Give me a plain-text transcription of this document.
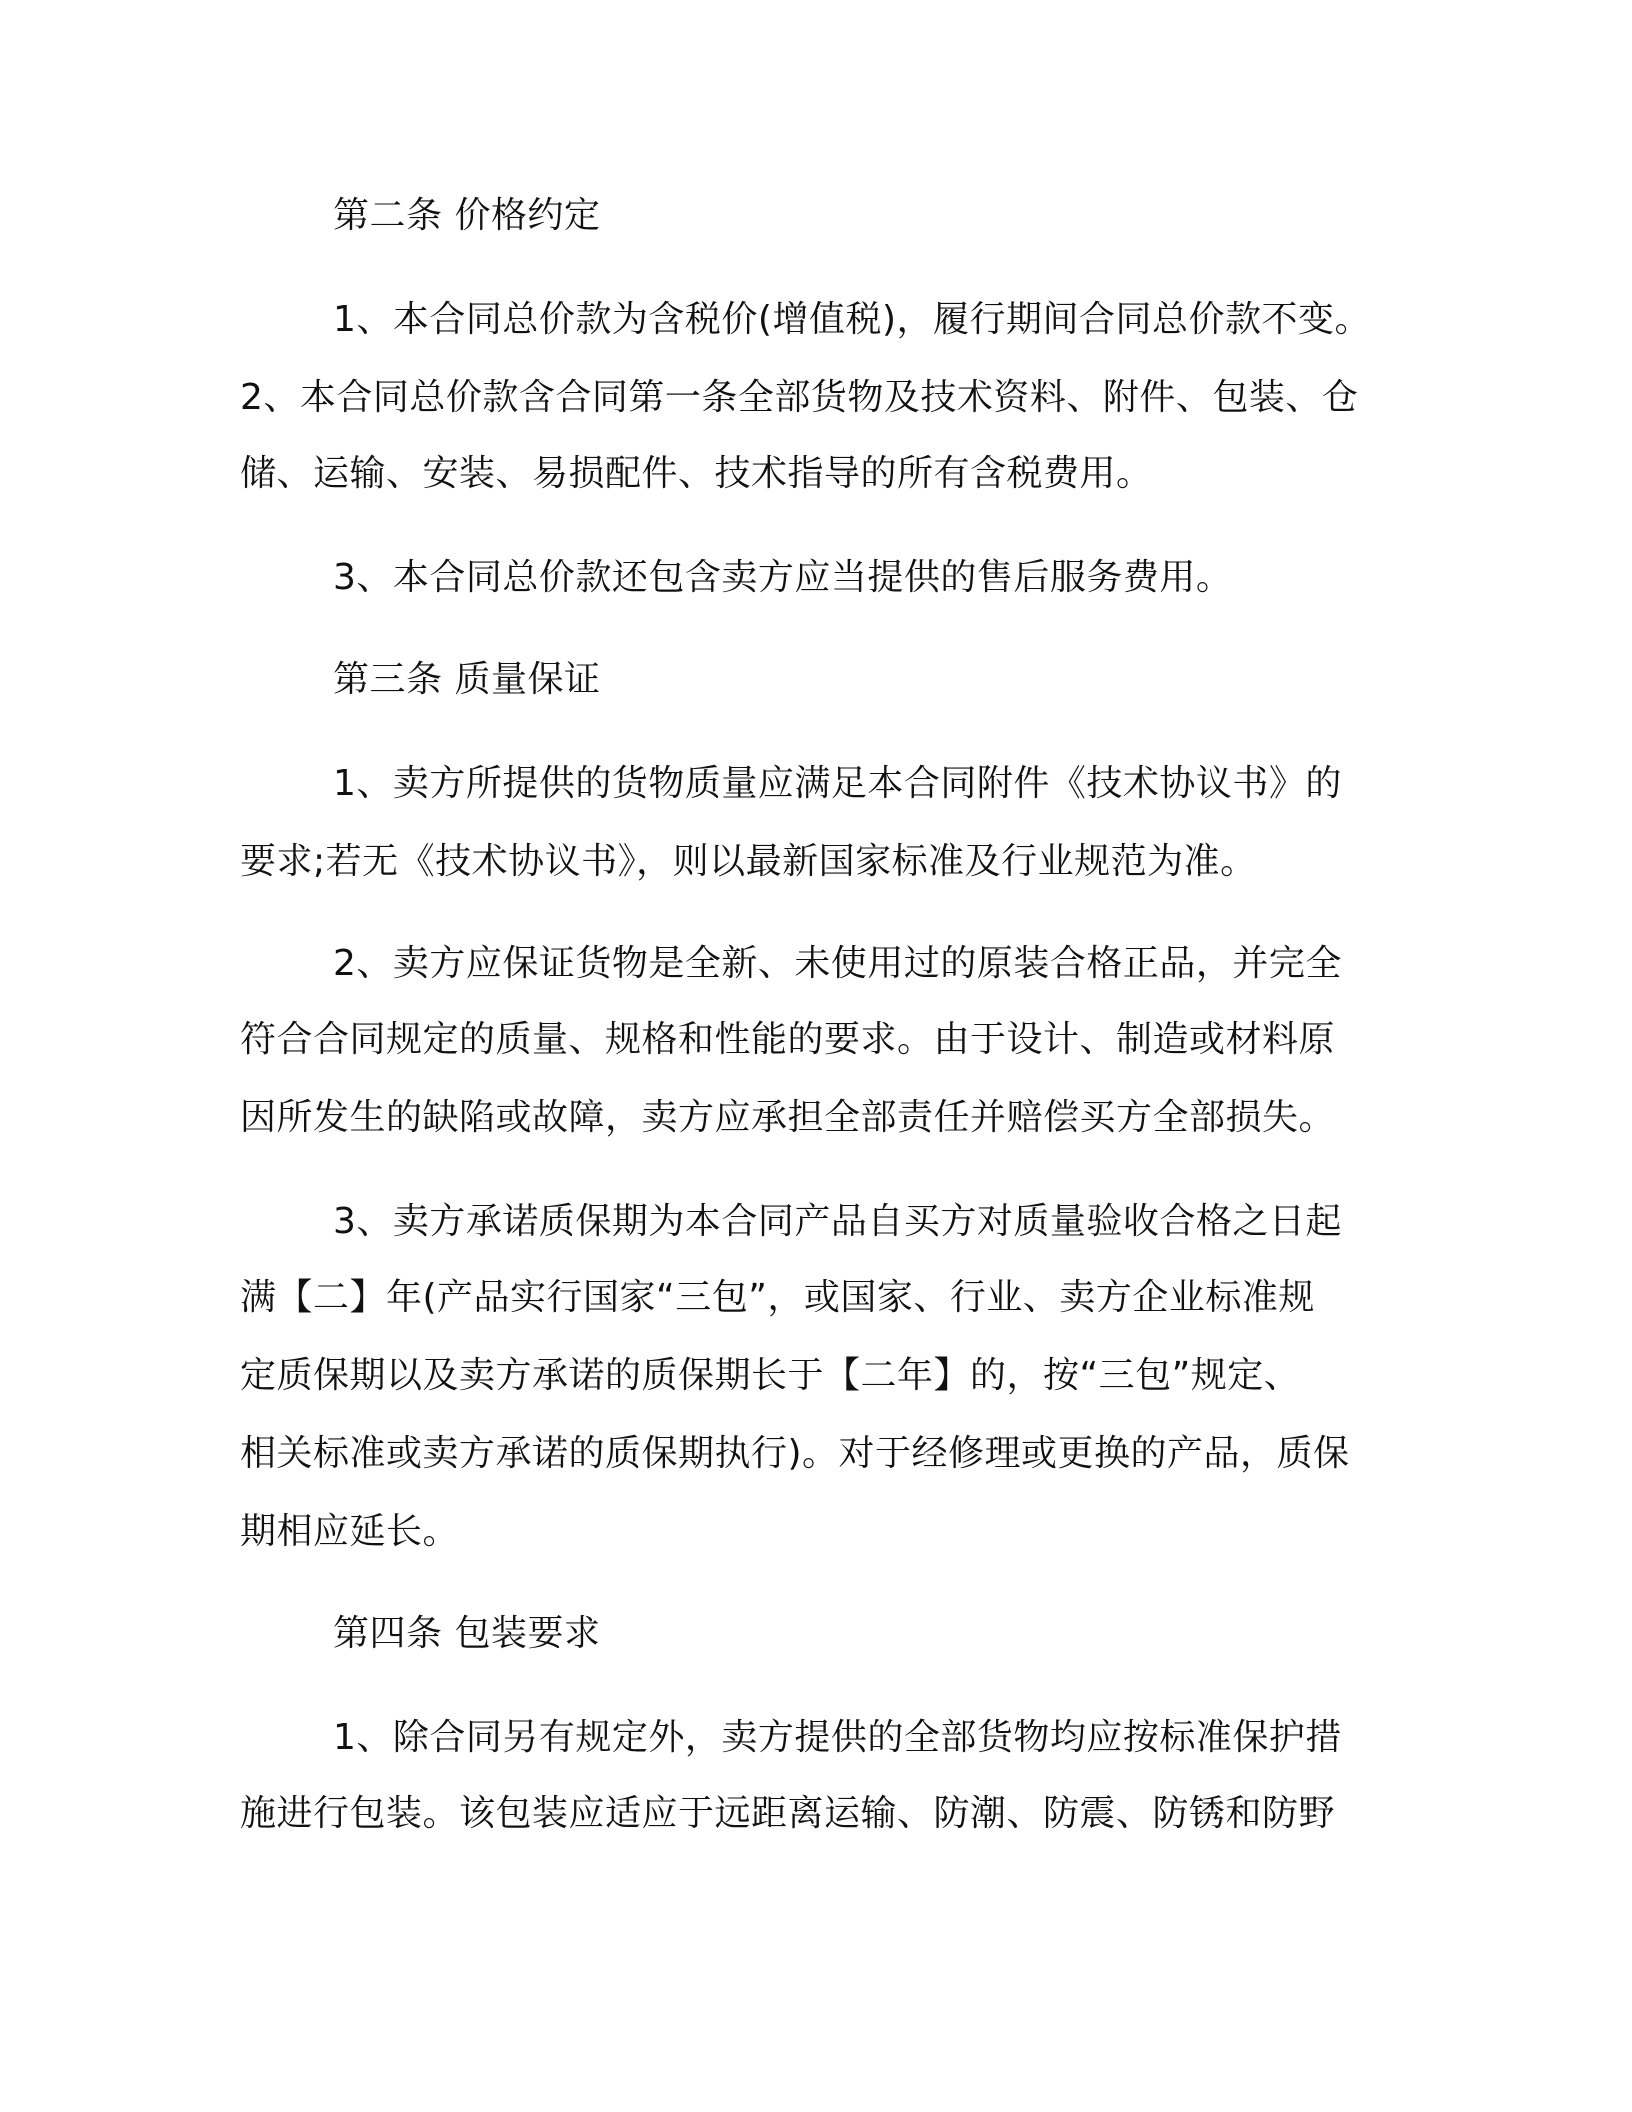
第二条 价格约定
1、本合同总价款为含税价(增值税)，履行期间合同总价款不变。
2、本合同总价款含合同第一条全部货物及技术资料、附件、包装、仓
储、运输、安装、易损配件、技术指导的所有含税费用。
3、本合同总价款还包含卖方应当提供的售后服务费用。
第三条 质量保证
1、卖方所提供的货物质量应满足本合同附件《技术协议书》的
要求;若无《技术协议书》，则以最新国家标准及行业规范为准。
2、卖方应保证货物是全新、未使用过的原装合格正品，并完全
符合合同规定的质量、规格和性能的要求。由于设计、制造或材料原
因所发生的缺陷或故障，卖方应承担全部责任并赔偿买方全部损失。
3、卖方承诺质保期为本合同产品自买方对质量验收合格之日起
满【二】年(产品实行国家“三包”，或国家、行业、卖方企业标准规
定质保期以及卖方承诺的质保期长于【二年】的，按“三包”规定、
相关标准或卖方承诺的质保期执行)。对于经修理或更换的产品，质保
期相应延长。
第四条 包装要求
1、除合同另有规定外，卖方提供的全部货物均应按标准保护措
施进行包装。该包装应适应于远距离运输、防潮、防震、防锈和防野
